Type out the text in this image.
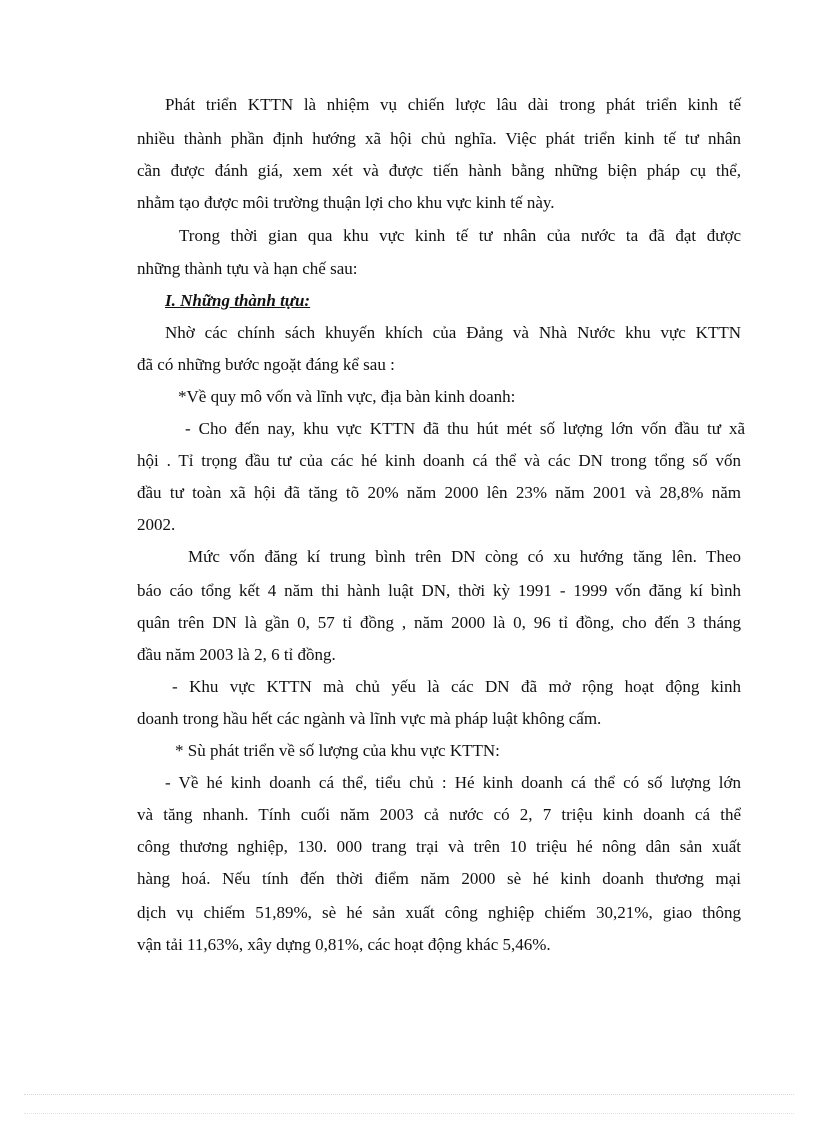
Phát triển KTTN là nhiệm vụ chiến lược lâu dài trong phát triển kinh tế
nhiều thành phần định hướng xã hội chủ nghĩa. Việc phát triển kinh tế tư nhân
cần được đánh giá, xem xét và được tiến hành bằng những biện pháp cụ thể,
nhằm tạo được môi trường thuận lợi cho khu vực kinh tế này.
Trong thời gian qua khu vực kinh tế tư nhân của nước ta đã đạt được
những thành tựu và hạn chế sau:
I. Những thành tựu:
Nhờ các chính sách khuyến khích của Đảng và Nhà Nước khu vực KTTN
đã có những bước ngoặt đáng kể sau :
*Về quy mô vốn và lĩnh vực, địa bàn kinh doanh:
- Cho đến nay, khu vực KTTN đã thu hút mét số lượng lớn vốn đầu tư xã
hội . Tỉ trọng đầu tư của các hé kinh doanh cá thể và các DN trong tổng số vốn
đầu tư toàn xã hội đã tăng tõ 20% năm 2000 lên 23% năm 2001 và 28,8% năm
2002.
Mức vốn đăng kí trung bình trên DN còng có xu hướng tăng lên. Theo
báo cáo tổng kết 4 năm thi hành luật DN, thời kỳ 1991 - 1999 vốn đăng kí bình
quân trên DN là gần 0, 57 tỉ đồng , năm 2000 là 0, 96 tỉ đồng, cho đến 3 tháng
đầu năm 2003 là 2, 6 tỉ đồng.
- Khu vực KTTN mà chủ yếu là các DN đã mở rộng hoạt động kinh
doanh trong hầu hết các ngành và lĩnh vực mà pháp luật không cấm.
* Sù phát triển về số lượng của khu vực KTTN:
- Về hé kinh doanh cá thể, tiểu chủ : Hé kinh doanh cá thể có số lượng lớn
và tăng nhanh. Tính cuối năm 2003 cả nước có 2, 7 triệu kinh doanh cá thể
công thương nghiệp, 130. 000 trang trại và trên 10 triệu hé nông dân sản xuất
hàng hoá. Nếu tính đến thời điểm năm 2000 sè hé kinh doanh thương mại
dịch vụ chiếm 51,89%, sè hé sản xuất công nghiệp chiếm 30,21%, giao thông
vận tải 11,63%, xây dựng 0,81%, các hoạt động khác 5,46%.
